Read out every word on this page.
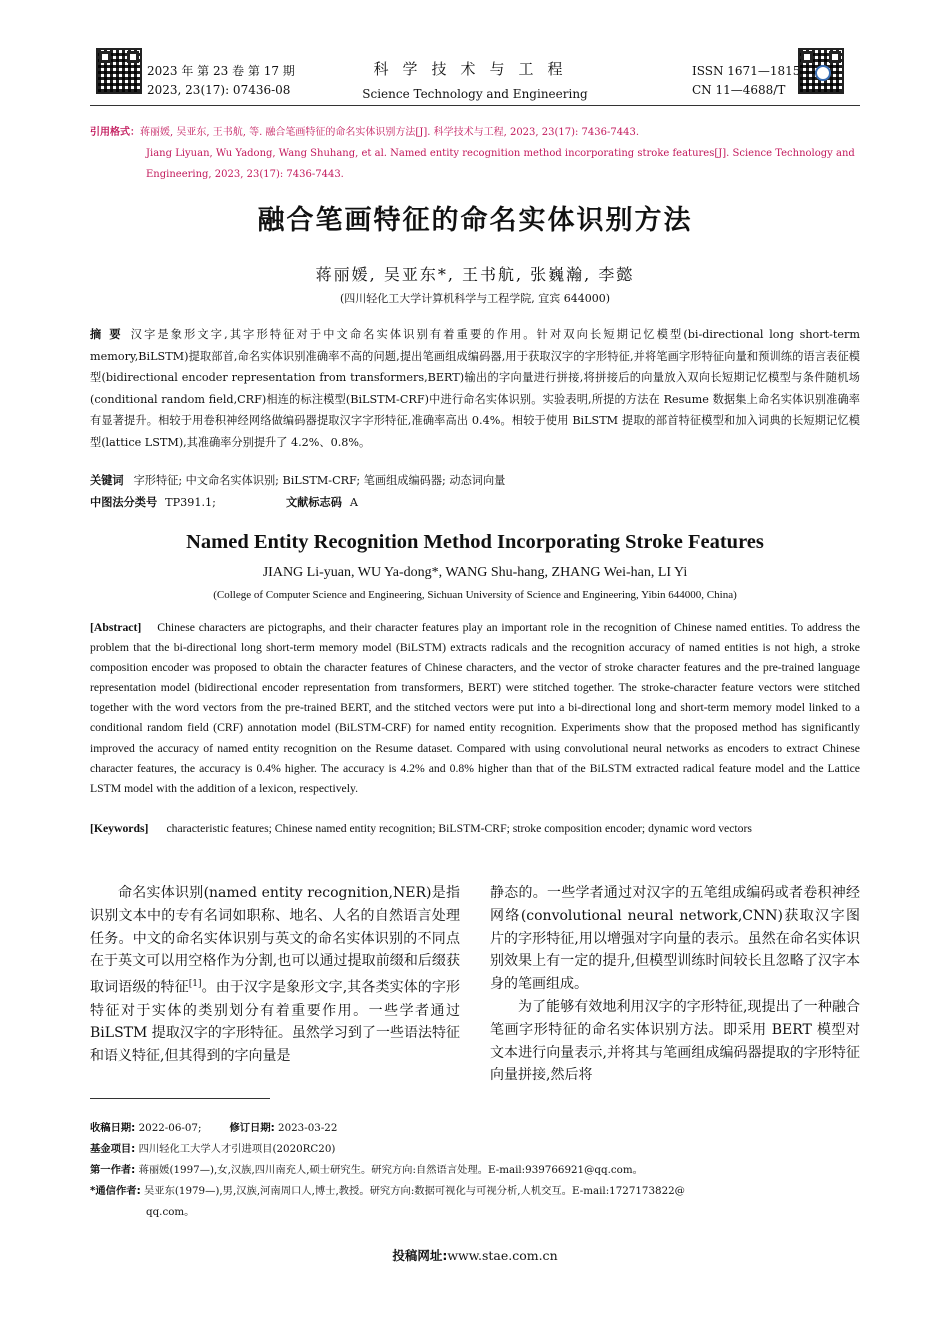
2023 年 第 23 卷 第 17 期
2023, 23(17): 07436-08
科学技术与工程
Science Technology and Engineering
ISSN 1671—1815
CN 11—4688/T
引用格式：蒋丽媛, 吴亚东, 王书航, 等. 融合笔画特征的命名实体识别方法[J]. 科学技术与工程, 2023, 23(17): 7436-7443.
Jiang Liyuan, Wu Yadong, Wang Shuhang, et al. Named entity recognition method incorporating stroke features[J]. Science Technology and Engineering, 2023, 23(17): 7436-7443.
融合笔画特征的命名实体识别方法
蒋丽媛, 吴亚东*, 王书航, 张巍瀚, 李懿
(四川轻化工大学计算机科学与工程学院, 宜宾 644000)
摘 要 汉字是象形文字,其字形特征对于中文命名实体识别有着重要的作用。针对双向长短期记忆模型(bi-directional long short-term memory,BiLSTM)提取部首,命名实体识别准确率不高的问题,提出笔画组成编码器,用于获取汉字的字形特征,并将笔画字形特征向量和预训练的语言表征模型(bidirectional encoder representation from transformers,BERT)输出的字向量进行拼接,将拼接后的向量放入双向长短期记忆模型与条件随机场(conditional random field,CRF)相连的标注模型(BiLSTM-CRF)中进行命名实体识别。实验表明,所提的方法在 Resume 数据集上命名实体识别准确率有显著提升。相较于用卷积神经网络做编码器提取汉字字形特征,准确率高出 0.4%。相较于使用 BiLSTM 提取的部首特征模型和加入词典的长短期记忆模型(lattice LSTM),其准确率分别提升了 4.2%、0.8%。
关键词 字形特征; 中文命名实体识别; BiLSTM-CRF; 笔画组成编码器; 动态词向量
中图法分类号 TP391.1;	文献标志码 A
Named Entity Recognition Method Incorporating Stroke Features
JIANG Li-yuan, WU Ya-dong*, WANG Shu-hang, ZHANG Wei-han, LI Yi
(College of Computer Science and Engineering, Sichuan University of Science and Engineering, Yibin 644000, China)
[Abstract] Chinese characters are pictographs, and their character features play an important role in the recognition of Chinese named entities. To address the problem that the bi-directional long short-term memory model (BiLSTM) extracts radicals and the recognition accuracy of named entities is not high, a stroke composition encoder was proposed to obtain the character features of Chinese characters, and the vector of stroke character features and the pre-trained language representation model (bidirectional encoder representation from transformers, BERT) were stitched together. The stroke-character feature vectors were stitched together with the word vectors from the pre-trained BERT, and the stitched vectors were put into a bi-directional long and short-term memory model linked to a conditional random field (CRF) annotation model (BiLSTM-CRF) for named entity recognition. Experiments show that the proposed method has significantly improved the accuracy of named entity recognition on the Resume dataset. Compared with using convolutional neural networks as encoders to extract Chinese character features, the accuracy is 0.4% higher. The accuracy is 4.2% and 0.8% higher than that of the BiLSTM extracted radical feature model and the Lattice LSTM model with the addition of a lexicon, respectively.
[Keywords] characteristic features; Chinese named entity recognition; BiLSTM-CRF; stroke composition encoder; dynamic word vectors

命名实体识别(named entity recognition,NER)是指识别文本中的专有名词如职称、地名、人名的自然语言处理任务。中文的命名实体识别与英文的命名实体识别的不同点在于英文可以用空格作为分割,也可以通过提取前缀和后缀获取词语级的特征[1]。由于汉字是象形文字,其各类实体的字形特征对于实体的类别划分有着重要作用。一些学者通过 BiLSTM 提取汉字的字形特征。虽然学习到了一些语法特征和语义特征,但其得到的字向量是

静态的。一些学者通过对汉字的五笔组成编码或者卷积神经网络(convolutional neural network,CNN)获取汉字图片的字形特征,用以增强对字向量的表示。虽然在命名实体识别效果上有一定的提升,但模型训练时间较长且忽略了汉字本身的笔画组成。

为了能够有效地利用汉字的字形特征,现提出了一种融合笔画字形特征的命名实体识别方法。即采用 BERT 模型对文本进行向量表示,并将其与笔画组成编码器提取的字形特征向量拼接,然后将

收稿日期: 2022-06-07;	修订日期: 2023-03-22
基金项目: 四川轻化工大学人才引进项目(2020RC20)
第一作者: 蒋丽媛(1997—),女,汉族,四川南充人,硕士研究生。研究方向:自然语言处理。E-mail:939766921@qq.com。
*通信作者: 吴亚东(1979—),男,汉族,河南周口人,博士,教授。研究方向:数据可视化与可视分析,人机交互。E-mail:1727173822@
qq.com。
投稿网址:www.stae.com.cn
